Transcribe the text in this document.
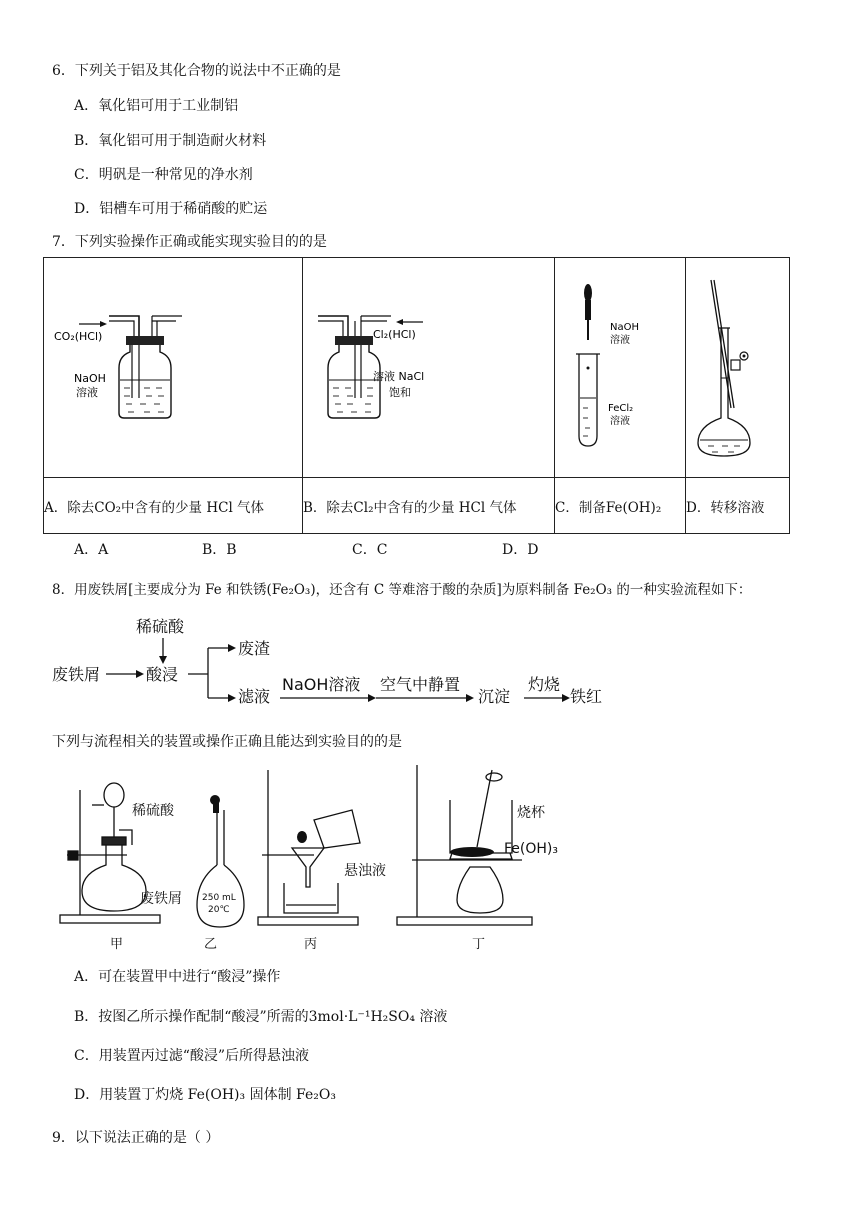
6．下列关于铝及其化合物的说法中不正确的是
A．氧化铝可用于工业制铝
B．氧化铝可用于制造耐火材料
C．明矾是一种常见的净水剂
D．铝槽车可用于稀硝酸的贮运
7．下列实验操作正确或能实现实验目的的是
CO₂(HCl)
NaOH
溶液	Cl₂(HCl)
溶液 NaCl
饱和	NaOH
溶液
FeCl₂
溶液

A．除去CO₂中含有的少量 HCl 气体	B．除去Cl₂中含有的少量 HCl 气体	C．制备Fe(OH)₂	D．转移溶液
A．A	B．B	C．C	D．D
8．用废铁屑[主要成分为 Fe 和铁锈(Fe₂O₃)，还含有 C 等难溶于酸的杂质]为原料制备 Fe₂O₃ 的一种实验流程如下：
稀硫酸
废铁屑	酸浸
废渣
滤液
NaOH溶液 空气中静置
沉淀
灼烧
铁红
下列与流程相关的装置或操作正确且能达到实验目的的是
稀硫酸
废铁屑
悬浊液
烧杯
Fe(OH)₃
250 mL
20℃
甲	乙	丙	丁
A．可在装置甲中进行“酸浸”操作
B．按图乙所示操作配制“酸浸”所需的3mol·L⁻¹H₂SO₄ 溶液
C．用装置丙过滤“酸浸”后所得悬浊液
D．用装置丁灼烧 Fe(OH)₃ 固体制 Fe₂O₃
9．以下说法正确的是（ ）
